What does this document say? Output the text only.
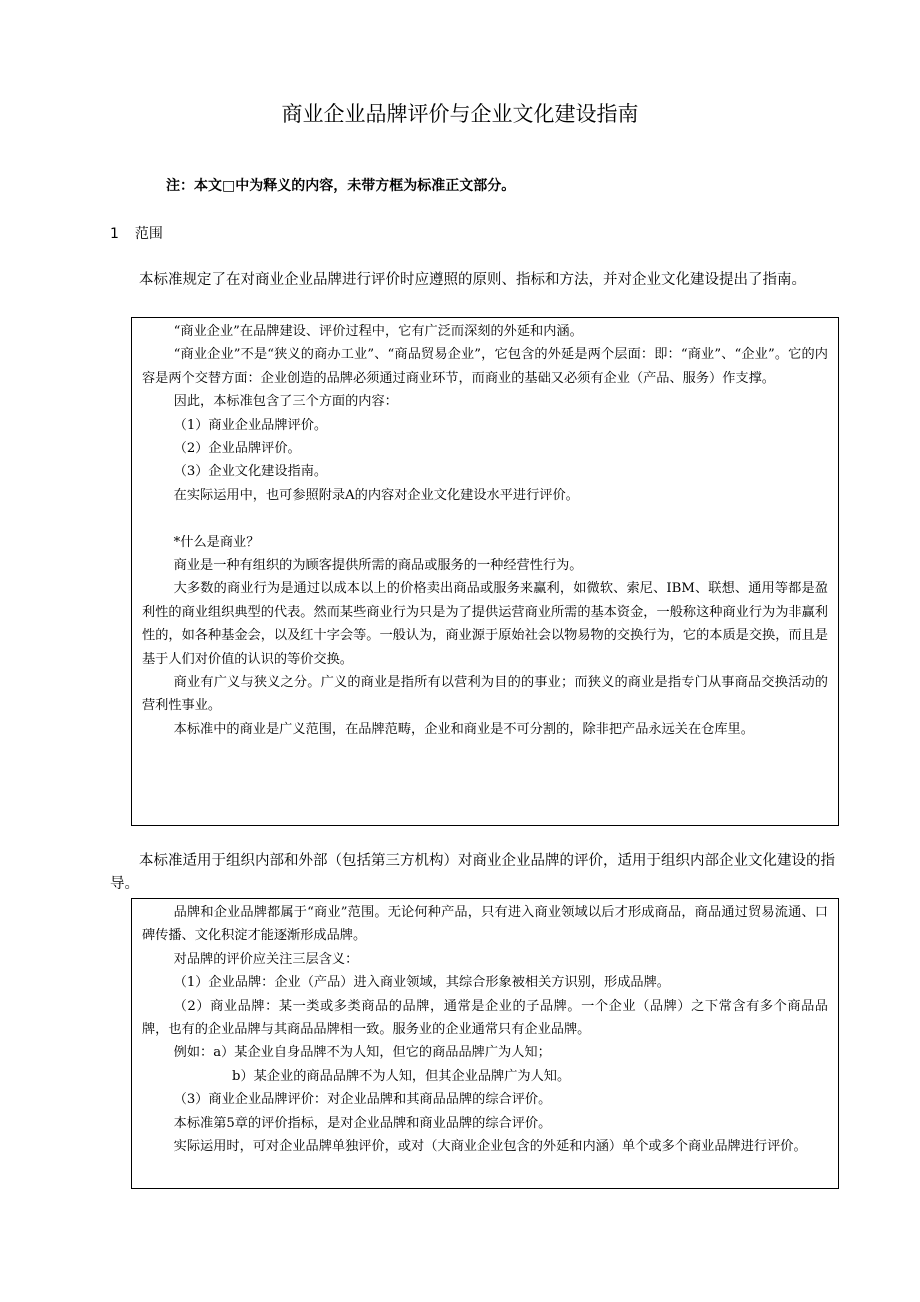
商业企业品牌评价与企业文化建设指南
注：本文□中为释义的内容，未带方框为标准正文部分。
1 范围

本标准规定了在对商业企业品牌进行评价时应遵照的原则、指标和方法，并对企业文化建设提出了指南。

“商业企业”在品牌建设、评价过程中，它有广泛而深刻的外延和内涵。

“商业企业”不是“狭义的商办工业”、“商品贸易企业”，它包含的外延是两个层面：即：“商业”、“企业”。它的内容是两个交替方面：企业创造的品牌必须通过商业环节，而商业的基础又必须有企业（产品、服务）作支撑。

因此，本标准包含了三个方面的内容：

（1）商业企业品牌评价。

（2）企业品牌评价。

（3）企业文化建设指南。

在实际运用中，也可参照附录A的内容对企业文化建设水平进行评价。

*什么是商业？

商业是一种有组织的为顾客提供所需的商品或服务的一种经营性行为。

大多数的商业行为是通过以成本以上的价格卖出商品或服务来赢利，如微软、索尼、IBM、联想、通用等都是盈利性的商业组织典型的代表。然而某些商业行为只是为了提供运营商业所需的基本资金，一般称这种商业行为为非赢利性的，如各种基金会，以及红十字会等。一般认为，商业源于原始社会以物易物的交换行为，它的本质是交换，而且是基于人们对价值的认识的等价交换。

商业有广义与狭义之分。广义的商业是指所有以营利为目的的事业；而狭义的商业是指专门从事商品交换活动的营利性事业。

本标准中的商业是广义范围，在品牌范畴，企业和商业是不可分割的，除非把产品永远关在仓库里。

本标准适用于组织内部和外部（包括第三方机构）对商业企业品牌的评价，适用于组织内部企业文化建设的指导。

品牌和企业品牌都属于“商业”范围。无论何种产品，只有进入商业领域以后才形成商品，商品通过贸易流通、口碑传播、文化积淀才能逐渐形成品牌。

对品牌的评价应关注三层含义：

（1）企业品牌：企业（产品）进入商业领域，其综合形象被相关方识别，形成品牌。

（2）商业品牌：某一类或多类商品的品牌，通常是企业的子品牌。一个企业（品牌）之下常含有多个商品品牌，也有的企业品牌与其商品品牌相一致。服务业的企业通常只有企业品牌。

例如：a）某企业自身品牌不为人知，但它的商品品牌广为人知；

b）某企业的商品品牌不为人知，但其企业品牌广为人知。

（3）商业企业品牌评价：对企业品牌和其商品品牌的综合评价。

本标准第5章的评价指标，是对企业品牌和商业品牌的综合评价。

实际运用时，可对企业品牌单独评价，或对（大商业企业包含的外延和内涵）单个或多个商业品牌进行评价。
